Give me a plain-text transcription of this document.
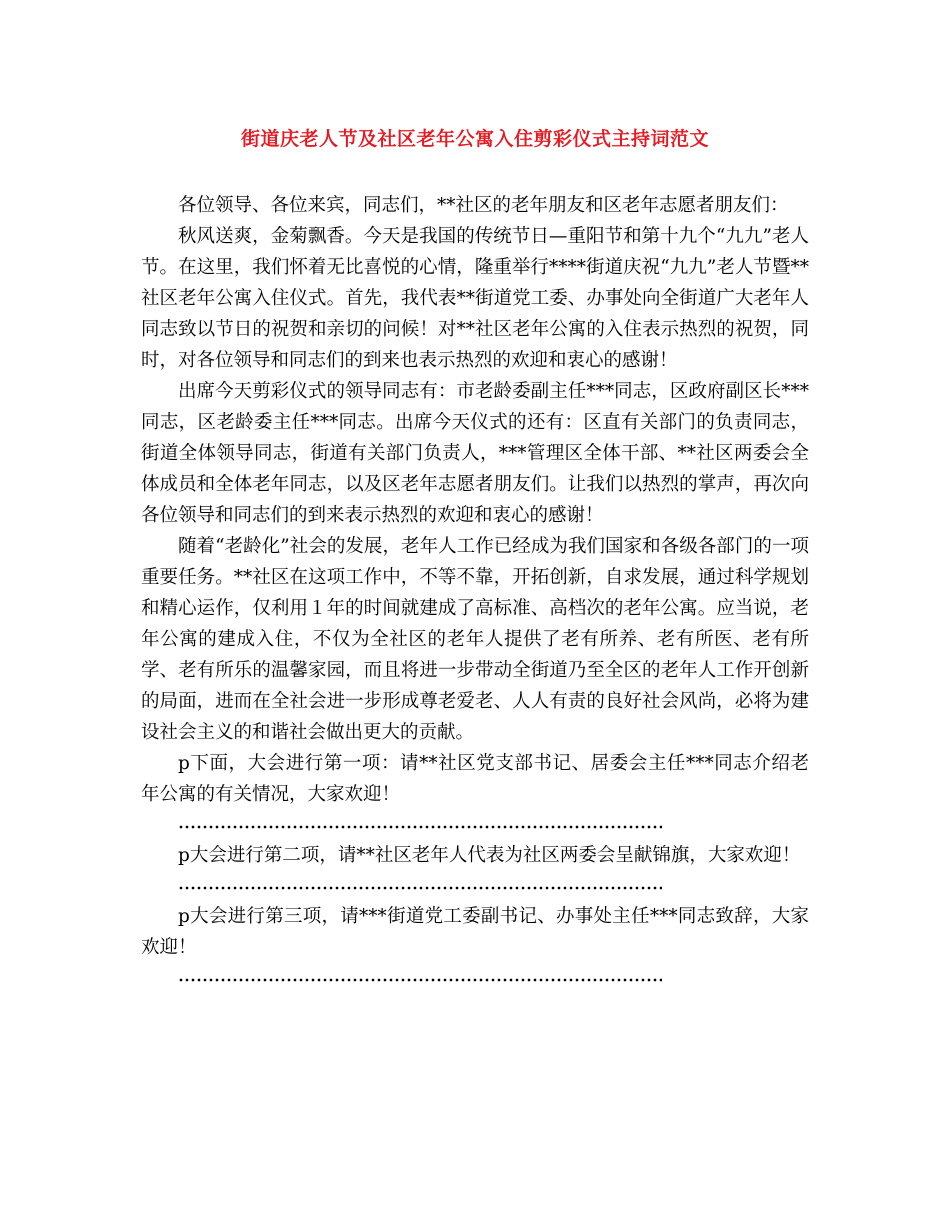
街道庆老人节及社区老年公寓入住剪彩仪式主持词范文

各位领导、各位来宾，同志们，**社区的老年朋友和区老年志愿者朋友们：

秋风送爽，金菊飘香。今天是我国的传统节日—重阳节和第十九个“九九”老人节。在这里，我们怀着无比喜悦的心情，隆重举行****街道庆祝“九九”老人节暨**社区老年公寓入住仪式。首先，我代表**街道党工委、办事处向全街道广大老年人同志致以节日的祝贺和亲切的问候！对**社区老年公寓的入住表示热烈的祝贺，同时，对各位领导和同志们的到来也表示热烈的欢迎和衷心的感谢！

出席今天剪彩仪式的领导同志有：市老龄委副主任***同志，区政府副区长***同志，区老龄委主任***同志。出席今天仪式的还有：区直有关部门的负责同志，街道全体领导同志，街道有关部门负责人，***管理区全体干部、**社区两委会全体成员和全体老年同志，以及区老年志愿者朋友们。让我们以热烈的掌声，再次向各位领导和同志们的到来表示热烈的欢迎和衷心的感谢！

随着“老龄化”社会的发展，老年人工作已经成为我们国家和各级各部门的一项重要任务。**社区在这项工作中，不等不靠，开拓创新，自求发展，通过科学规划和精心运作，仅利用１年的时间就建成了高标准、高档次的老年公寓。应当说，老年公寓的建成入住，不仅为全社区的老年人提供了老有所养、老有所医、老有所学、老有所乐的温馨家园，而且将进一步带动全街道乃至全区的老年人工作开创新的局面，进而在全社会进一步形成尊老爱老、人人有责的良好社会风尚，必将为建设社会主义的和谐社会做出更大的贡献。

p下面，大会进行第一项：请**社区党支部书记、居委会主任***同志介绍老年公寓的有关情况，大家欢迎！

p大会进行第二项，请**社区老年人代表为社区两委会呈献锦旗，大家欢迎！

p大会进行第三项，请***街道党工委副书记、办事处主任***同志致辞，大家欢迎！
